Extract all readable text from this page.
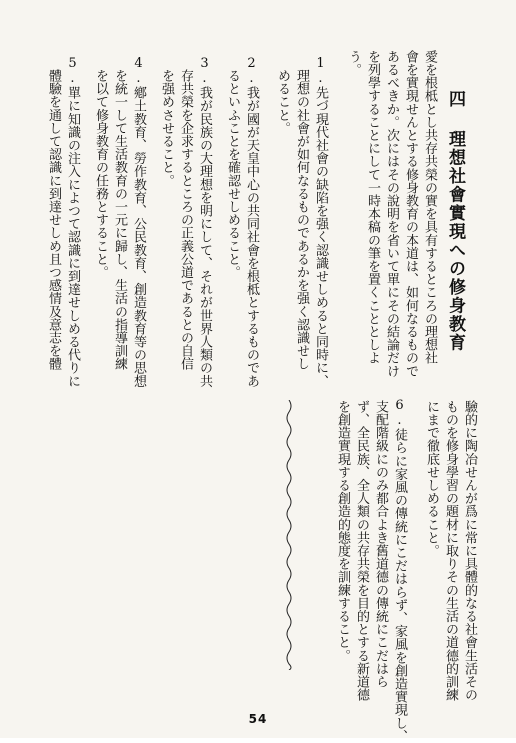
四 理想社會實現への修身教育
愛を根柢とし共存共榮の實を具有するところの理想社
會を實現せんとする修身教育の本道は、如何なるもので
あるべきか。次にはその說明を省いて單にその結論だけ
を列學することにして一時本稿の筆を置くこととしよ
う。
1.先づ現代社會の缺陷を强く認識せしめると同時に、
　理想の社會が如何なるものであるかを强く認識せし
　めること。
2.我が國が天皇中心の共同社會を根柢とするものであ
　るといふことを確認せしめること。
3.我が民族の大理想を明にして、それが世界人類の共
　存共榮を企求するところの正義公道であるとの自信
　を强めさせること。
4.鄕土教育、勞作教育、公民教育、創造教育等の思想
　を統一して生活教育の一元に歸し、生活の指導訓練
　を以て修身教育の任務とすること。
5.單に知識の注入によつて認識に到達せしめる代りに
　體驗を通して認識に到達せしめ且つ感情及意志を體
驗的に陶冶せんが爲に常に具體的なる社會生活その
ものを修身學習の題材に取りその生活の道德的訓練
にまで徹底せしめること。
6.徒らに家風の傳統にこだはらず、家風を創造實現し、
支配階級にのみ都合よき舊道德の傳統にこだはら
ず、全民族、全人類の共存共榮を目的とする新道德
を創造實現する創造的態度を訓練すること。
54
